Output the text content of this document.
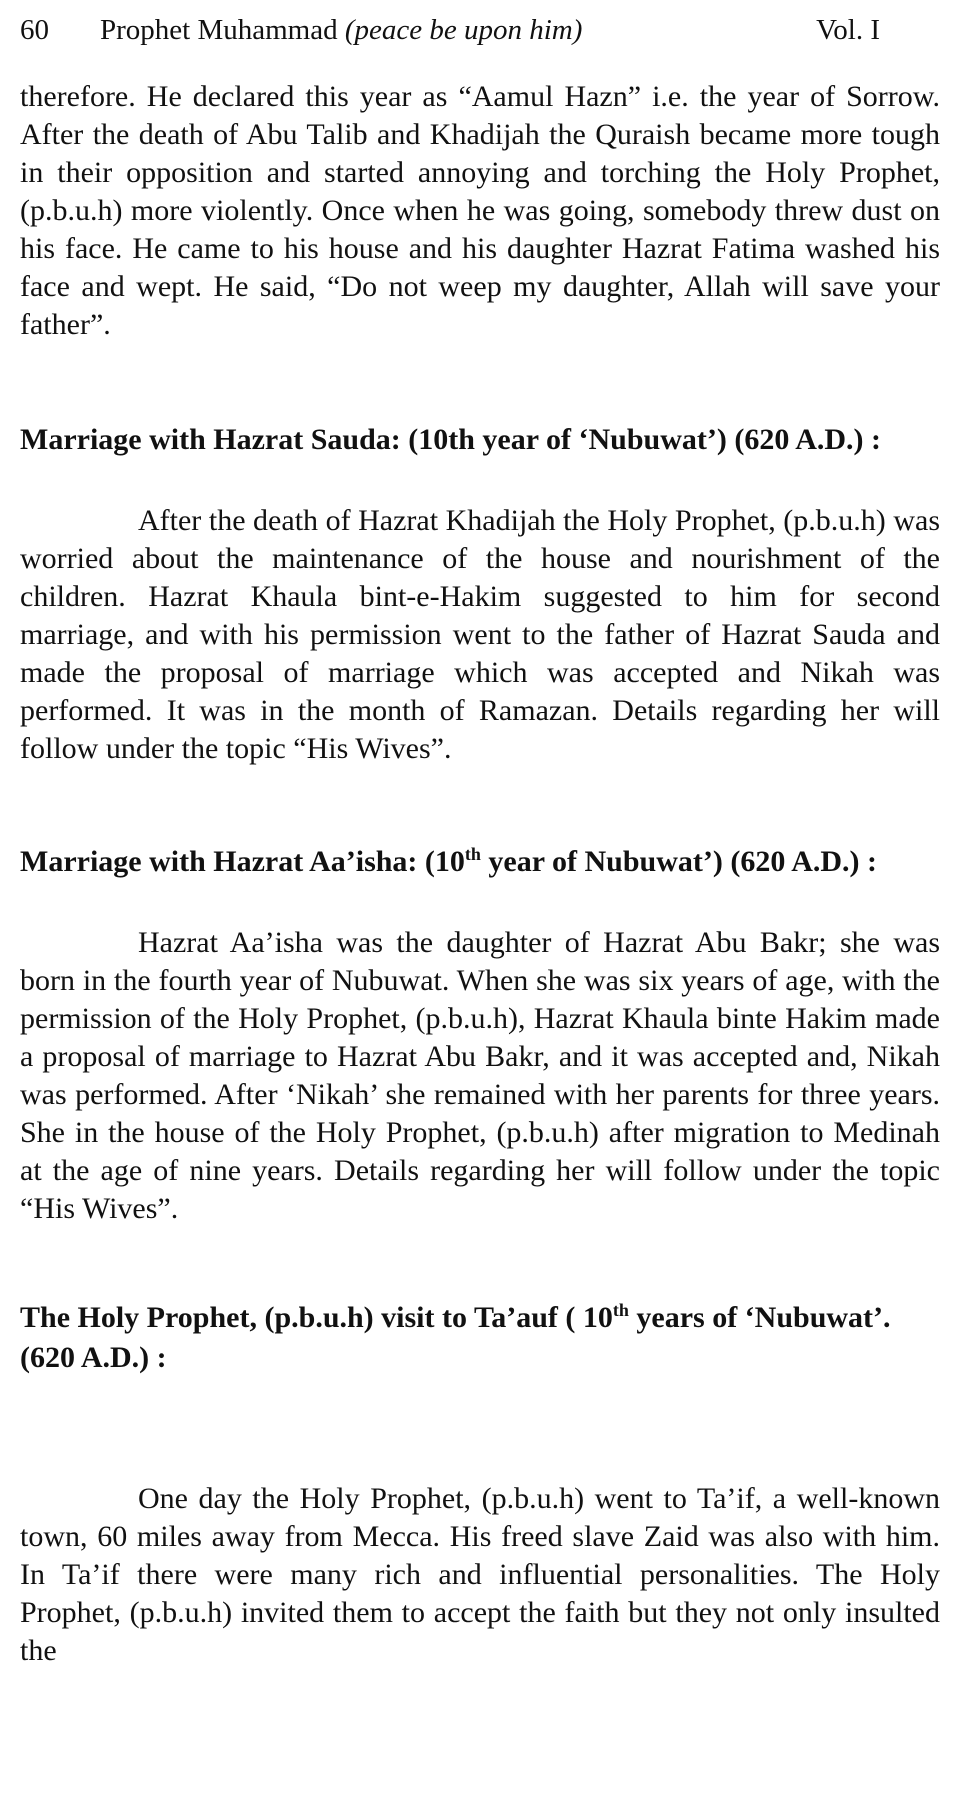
60 Prophet Muhammad (peace be upon him)	Vol. I

therefore. He declared this year as “Aamul Hazn” i.e. the year of Sorrow. After the death of Abu Talib and Khadijah the Quraish became more tough in their opposition and started annoying and torching the Holy Prophet, (p.b.u.h) more violently. Once when he was going, somebody threw dust on his face. He came to his house and his daughter Hazrat Fatima washed his face and wept. He said, “Do not weep my daughter, Allah will save your father”.

Marriage with Hazrat Sauda: (10th year of ‘Nubuwat’) (620 A.D.) :

After the death of Hazrat Khadijah the Holy Prophet, (p.b.u.h) was worried about the maintenance of the house and nourishment of the children. Hazrat Khaula bint-e-Hakim suggested to him for second marriage, and with his permission went to the father of Hazrat Sauda and made the proposal of marriage which was accepted and Nikah was performed. It was in the month of Ramazan. Details regarding her will follow under the topic “His Wives”.

Marriage with Hazrat Aa’isha: (10th year of Nubuwat’) (620 A.D.) :

Hazrat Aa’isha was the daughter of Hazrat Abu Bakr; she was born in the fourth year of Nubuwat. When she was six years of age, with the permission of the Holy Prophet, (p.b.u.h), Hazrat Khaula binte Hakim made a proposal of marriage to Hazrat Abu Bakr, and it was accepted and, Nikah was performed. After ‘Nikah’ she remained with her parents for three years. She in the house of the Holy Prophet, (p.b.u.h) after migration to Medinah at the age of nine years. Details regarding her will follow under the topic “His Wives”.

The Holy Prophet, (p.b.u.h) visit to Ta’auf ( 10th years of ‘Nubuwat’.
(620 A.D.) :

One day the Holy Prophet, (p.b.u.h) went to Ta’if, a well-known town, 60 miles away from Mecca. His freed slave Zaid was also with him. In Ta’if there were many rich and influential personalities. The Holy Prophet, (p.b.u.h) invited them to accept the faith but they not only insulted the
